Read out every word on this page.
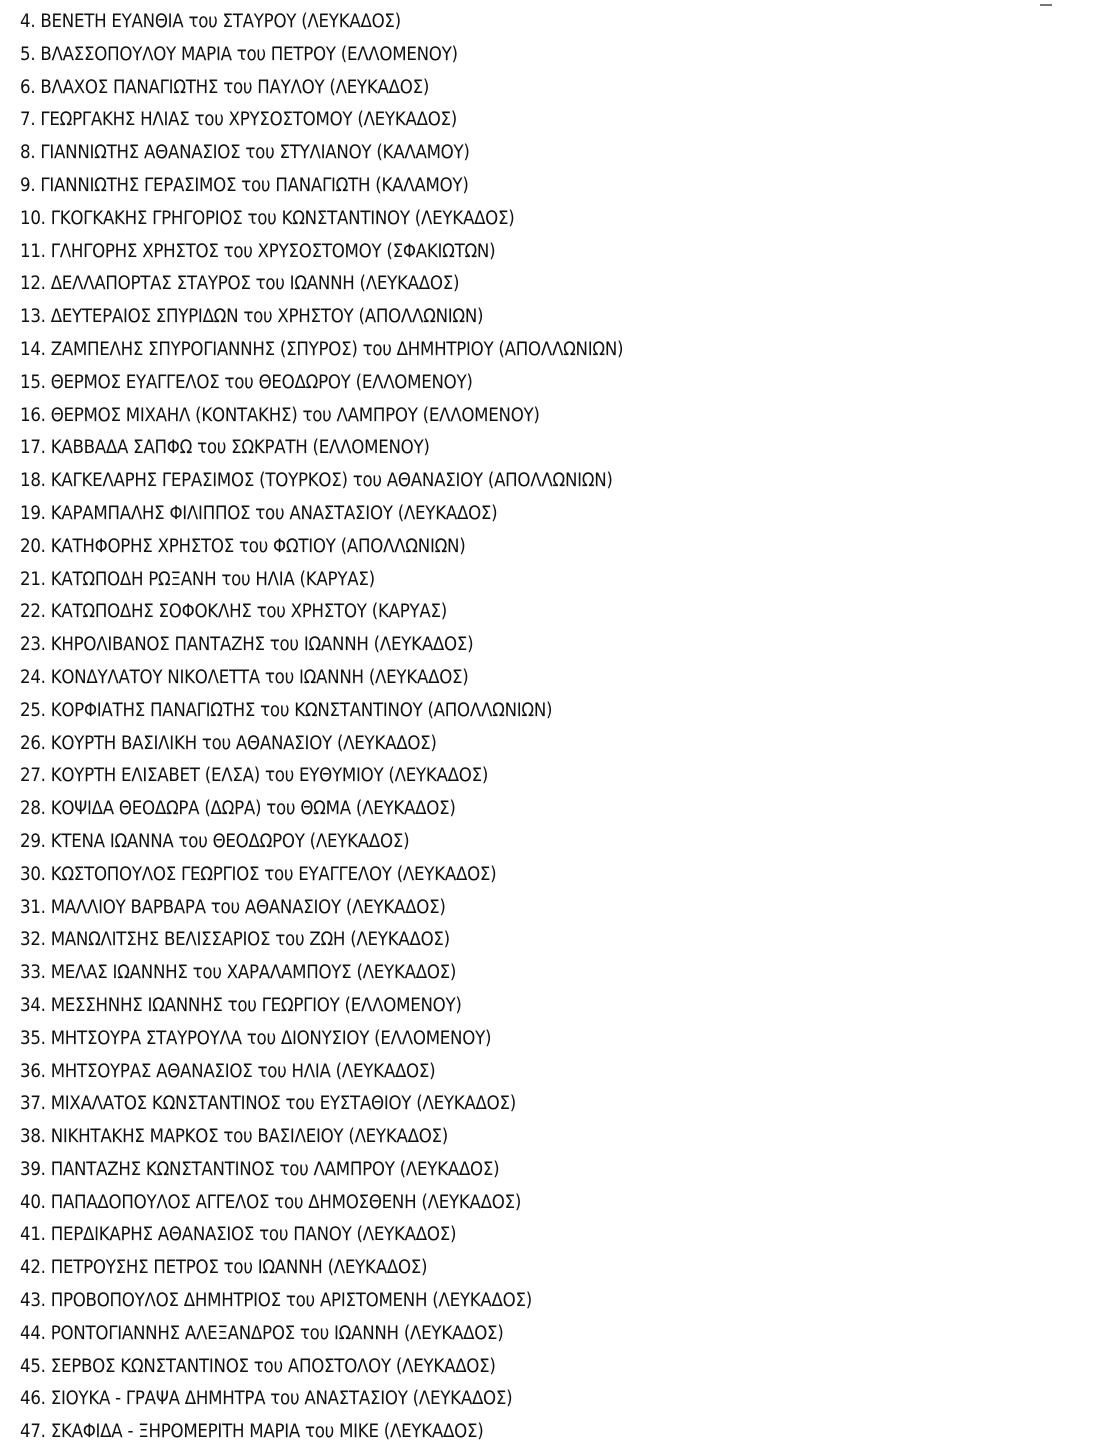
4. ΒΕΝΕΤΗ ΕΥΑΝΘΙΑ του ΣΤΑΥΡΟΥ (ΛΕΥΚΑΔΟΣ)
5. ΒΛΑΣΣΟΠΟΥΛΟΥ ΜΑΡΙΑ του ΠΕΤΡΟΥ (ΕΛΛΟΜΕΝΟΥ)
6. ΒΛΑΧΟΣ ΠΑΝΑΓΙΩΤΗΣ του ΠΑΥΛΟΥ (ΛΕΥΚΑΔΟΣ)
7. ΓΕΩΡΓΑΚΗΣ ΗΛΙΑΣ του ΧΡΥΣΟΣΤΟΜΟΥ (ΛΕΥΚΑΔΟΣ)
8. ΓΙΑΝΝΙΩΤΗΣ ΑΘΑΝΑΣΙΟΣ του ΣΤΥΛΙΑΝΟΥ (ΚΑΛΑΜΟΥ)
9. ΓΙΑΝΝΙΩΤΗΣ ΓΕΡΑΣΙΜΟΣ του ΠΑΝΑΓΙΩΤΗ (ΚΑΛΑΜΟΥ)
10. ΓΚΟΓΚΑΚΗΣ ΓΡΗΓΟΡΙΟΣ του ΚΩΝΣΤΑΝΤΙΝΟΥ (ΛΕΥΚΑΔΟΣ)
11. ΓΛΗΓΟΡΗΣ ΧΡΗΣΤΟΣ του ΧΡΥΣΟΣΤΟΜΟΥ (ΣΦΑΚΙΩΤΩΝ)
12. ΔΕΛΛΑΠΟΡΤΑΣ ΣΤΑΥΡΟΣ του ΙΩΑΝΝΗ (ΛΕΥΚΑΔΟΣ)
13. ΔΕΥΤΕΡΑΙΟΣ ΣΠΥΡΙΔΩΝ του ΧΡΗΣΤΟΥ (ΑΠΟΛΛΩΝΙΩΝ)
14. ΖΑΜΠΕΛΗΣ ΣΠΥΡΟΓΙΑΝΝΗΣ (ΣΠΥΡΟΣ) του ΔΗΜΗΤΡΙΟΥ (ΑΠΟΛΛΩΝΙΩΝ)
15. ΘΕΡΜΟΣ ΕΥΑΓΓΕΛΟΣ του ΘΕΟΔΩΡΟΥ (ΕΛΛΟΜΕΝΟΥ)
16. ΘΕΡΜΟΣ ΜΙΧΑΗΛ (ΚΟΝΤΑΚΗΣ) του ΛΑΜΠΡΟΥ (ΕΛΛΟΜΕΝΟΥ)
17. ΚΑΒΒΑΔΑ ΣΑΠΦΩ του ΣΩΚΡΑΤΗ (ΕΛΛΟΜΕΝΟΥ)
18. ΚΑΓΚΕΛΑΡΗΣ ΓΕΡΑΣΙΜΟΣ (ΤΟΥΡΚΟΣ) του ΑΘΑΝΑΣΙΟΥ (ΑΠΟΛΛΩΝΙΩΝ)
19. ΚΑΡΑΜΠΑΛΗΣ ΦΙΛΙΠΠΟΣ του ΑΝΑΣΤΑΣΙΟΥ (ΛΕΥΚΑΔΟΣ)
20. ΚΑΤΗΦΟΡΗΣ ΧΡΗΣΤΟΣ του ΦΩΤΙΟΥ (ΑΠΟΛΛΩΝΙΩΝ)
21. ΚΑΤΩΠΟΔΗ ΡΩΞΑΝΗ του ΗΛΙΑ (ΚΑΡΥΑΣ)
22. ΚΑΤΩΠΟΔΗΣ ΣΟΦΟΚΛΗΣ του ΧΡΗΣΤΟΥ (ΚΑΡΥΑΣ)
23. ΚΗΡΟΛΙΒΑΝΟΣ ΠΑΝΤΑΖΗΣ του ΙΩΑΝΝΗ (ΛΕΥΚΑΔΟΣ)
24. ΚΟΝΔΥΛΑΤΟΥ ΝΙΚΟΛΕΤΤΑ του ΙΩΑΝΝΗ (ΛΕΥΚΑΔΟΣ)
25. ΚΟΡΦΙΑΤΗΣ ΠΑΝΑΓΙΩΤΗΣ του ΚΩΝΣΤΑΝΤΙΝΟΥ (ΑΠΟΛΛΩΝΙΩΝ)
26. ΚΟΥΡΤΗ ΒΑΣΙΛΙΚΗ του ΑΘΑΝΑΣΙΟΥ (ΛΕΥΚΑΔΟΣ)
27. ΚΟΥΡΤΗ ΕΛΙΣΑΒΕΤ (ΕΛΣΑ) του ΕΥΘΥΜΙΟΥ (ΛΕΥΚΑΔΟΣ)
28. ΚΟΨΙΔΑ ΘΕΟΔΩΡΑ (ΔΩΡΑ) του ΘΩΜΑ (ΛΕΥΚΑΔΟΣ)
29. ΚΤΕΝΑ ΙΩΑΝΝΑ του ΘΕΟΔΩΡΟΥ (ΛΕΥΚΑΔΟΣ)
30. ΚΩΣΤΟΠΟΥΛΟΣ ΓΕΩΡΓΙΟΣ του ΕΥΑΓΓΕΛΟΥ (ΛΕΥΚΑΔΟΣ)
31. ΜΑΛΛΙΟΥ ΒΑΡΒΑΡΑ του ΑΘΑΝΑΣΙΟΥ (ΛΕΥΚΑΔΟΣ)
32. ΜΑΝΩΛΙΤΣΗΣ ΒΕΛΙΣΣΑΡΙΟΣ του ΖΩΗ (ΛΕΥΚΑΔΟΣ)
33. ΜΕΛΑΣ ΙΩΑΝΝΗΣ του ΧΑΡΑΛΑΜΠΟΥΣ (ΛΕΥΚΑΔΟΣ)
34. ΜΕΣΣΗΝΗΣ ΙΩΑΝΝΗΣ του ΓΕΩΡΓΙΟΥ (ΕΛΛΟΜΕΝΟΥ)
35. ΜΗΤΣΟΥΡΑ ΣΤΑΥΡΟΥΛΑ του ΔΙΟΝΥΣΙΟΥ (ΕΛΛΟΜΕΝΟΥ)
36. ΜΗΤΣΟΥΡΑΣ ΑΘΑΝΑΣΙΟΣ του ΗΛΙΑ (ΛΕΥΚΑΔΟΣ)
37. ΜΙΧΑΛΑΤΟΣ ΚΩΝΣΤΑΝΤΙΝΟΣ του ΕΥΣΤΑΘΙΟΥ (ΛΕΥΚΑΔΟΣ)
38. ΝΙΚΗΤΑΚΗΣ ΜΑΡΚΟΣ του ΒΑΣΙΛΕΙΟΥ (ΛΕΥΚΑΔΟΣ)
39. ΠΑΝΤΑΖΗΣ ΚΩΝΣΤΑΝΤΙΝΟΣ του ΛΑΜΠΡΟΥ (ΛΕΥΚΑΔΟΣ)
40. ΠΑΠΑΔΟΠΟΥΛΟΣ ΑΓΓΕΛΟΣ του ΔΗΜΟΣΘΕΝΗ (ΛΕΥΚΑΔΟΣ)
41. ΠΕΡΔΙΚΑΡΗΣ ΑΘΑΝΑΣΙΟΣ του ΠΑΝΟΥ (ΛΕΥΚΑΔΟΣ)
42. ΠΕΤΡΟΥΣΗΣ ΠΕΤΡΟΣ του ΙΩΑΝΝΗ (ΛΕΥΚΑΔΟΣ)
43. ΠΡΟΒΟΠΟΥΛΟΣ ΔΗΜΗΤΡΙΟΣ του ΑΡΙΣΤΟΜΕΝΗ (ΛΕΥΚΑΔΟΣ)
44. ΡΟΝΤΟΓΙΑΝΝΗΣ ΑΛΕΞΑΝΔΡΟΣ του ΙΩΑΝΝΗ (ΛΕΥΚΑΔΟΣ)
45. ΣΕΡΒΟΣ ΚΩΝΣΤΑΝΤΙΝΟΣ του ΑΠΟΣΤΟΛΟΥ (ΛΕΥΚΑΔΟΣ)
46. ΣΙΟΥΚΑ - ΓΡΑΨΑ ΔΗΜΗΤΡΑ του ΑΝΑΣΤΑΣΙΟΥ (ΛΕΥΚΑΔΟΣ)
47. ΣΚΑΦΙΔΑ - ΞΗΡΟΜΕΡΙΤΗ ΜΑΡΙΑ του ΜΙΚΕ (ΛΕΥΚΑΔΟΣ)
